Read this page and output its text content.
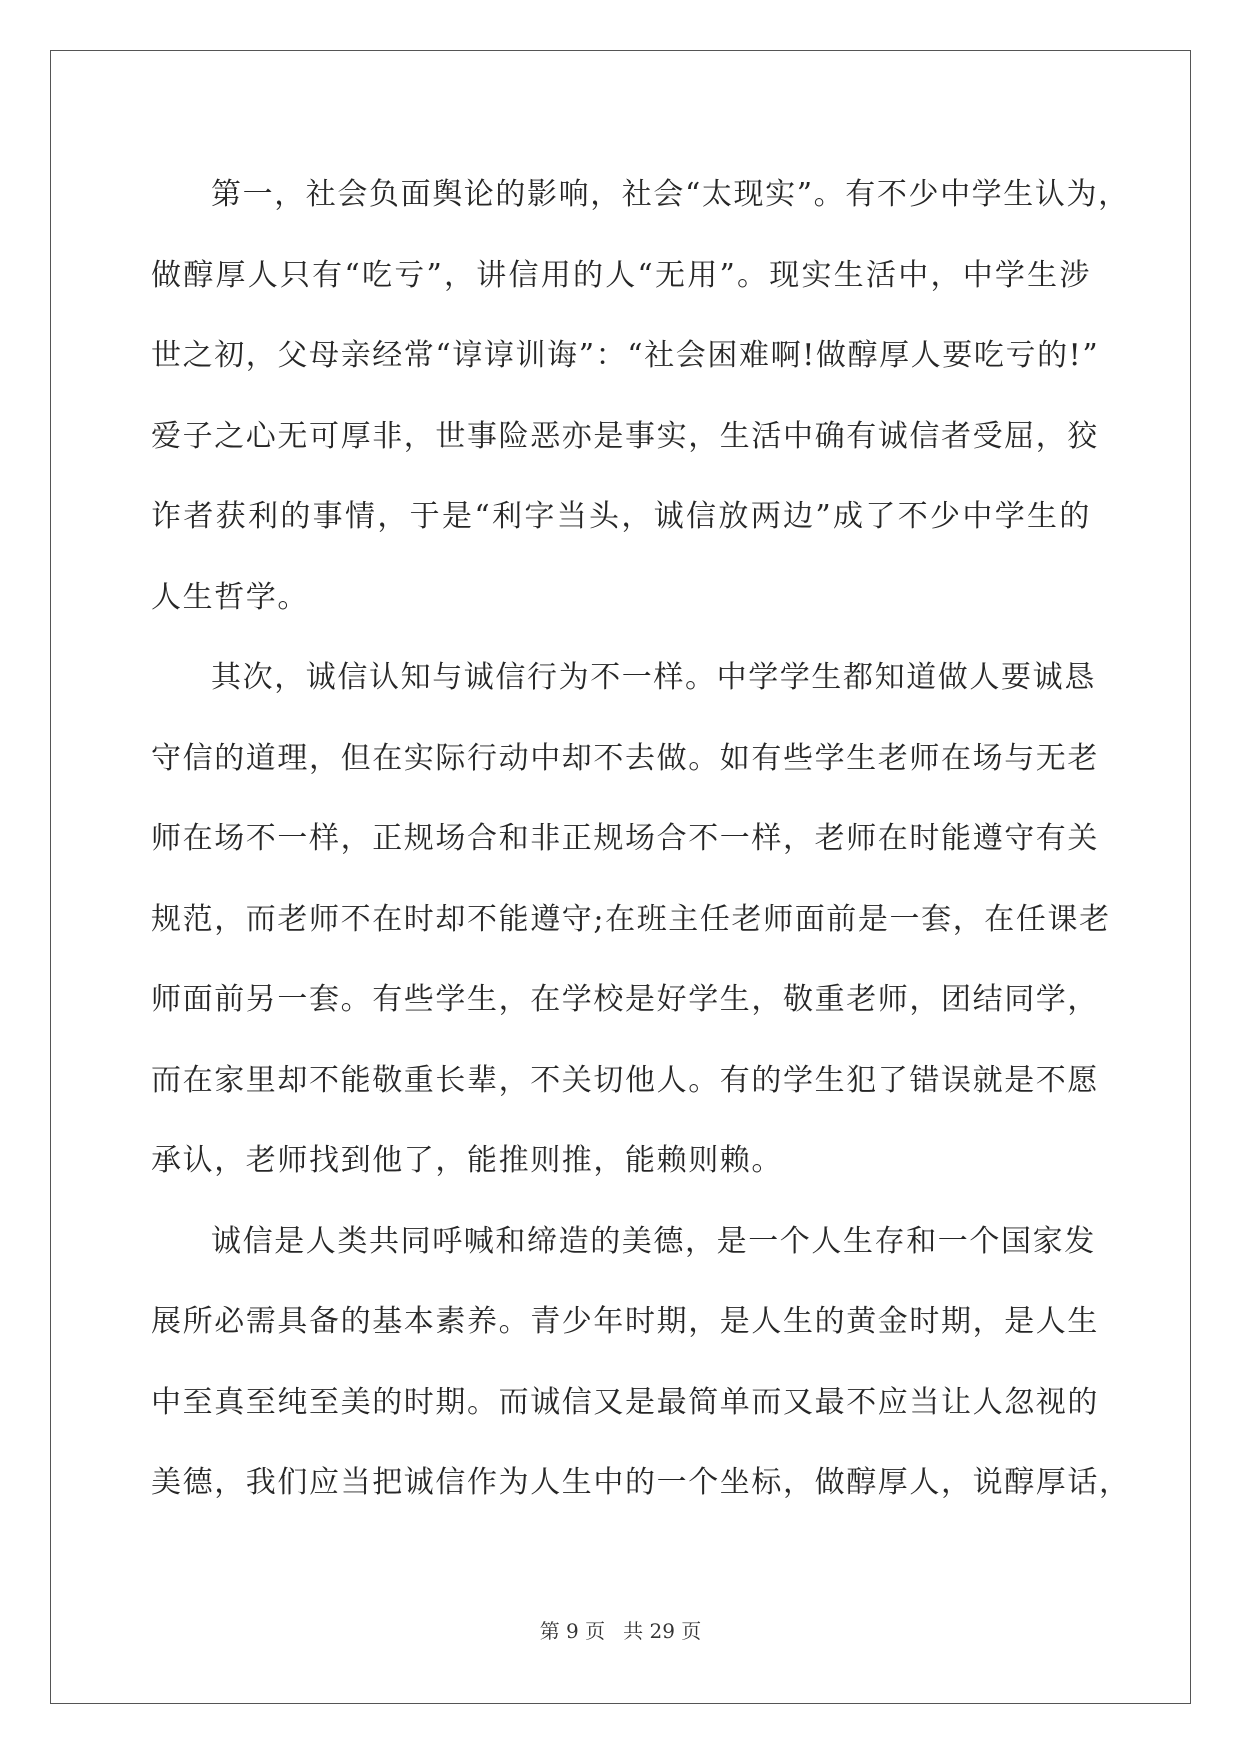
第一，社会负面舆论的影响，社会“太现实”。有不少中学生认为，
做醇厚人只有“吃亏”，讲信用的人“无用”。现实生活中，中学生涉
世之初，父母亲经常“谆谆训诲”：“社会困难啊!做醇厚人要吃亏的!”
爱子之心无可厚非，世事险恶亦是事实，生活中确有诚信者受屈，狡
诈者获利的事情，于是“利字当头，诚信放两边”成了不少中学生的
人生哲学。

其次，诚信认知与诚信行为不一样。中学学生都知道做人要诚恳
守信的道理，但在实际行动中却不去做。如有些学生老师在场与无老
师在场不一样，正规场合和非正规场合不一样，老师在时能遵守有关
规范，而老师不在时却不能遵守;在班主任老师面前是一套，在任课老
师面前另一套。有些学生，在学校是好学生，敬重老师，团结同学，
而在家里却不能敬重长辈，不关切他人。有的学生犯了错误就是不愿
承认，老师找到他了，能推则推，能赖则赖。

诚信是人类共同呼喊和缔造的美德，是一个人生存和一个国家发
展所必需具备的基本素养。青少年时期，是人生的黄金时期，是人生
中至真至纯至美的时期。而诚信又是最简单而又最不应当让人忽视的
美德，我们应当把诚信作为人生中的一个坐标，做醇厚人，说醇厚话，

第 9 页 共 29 页
